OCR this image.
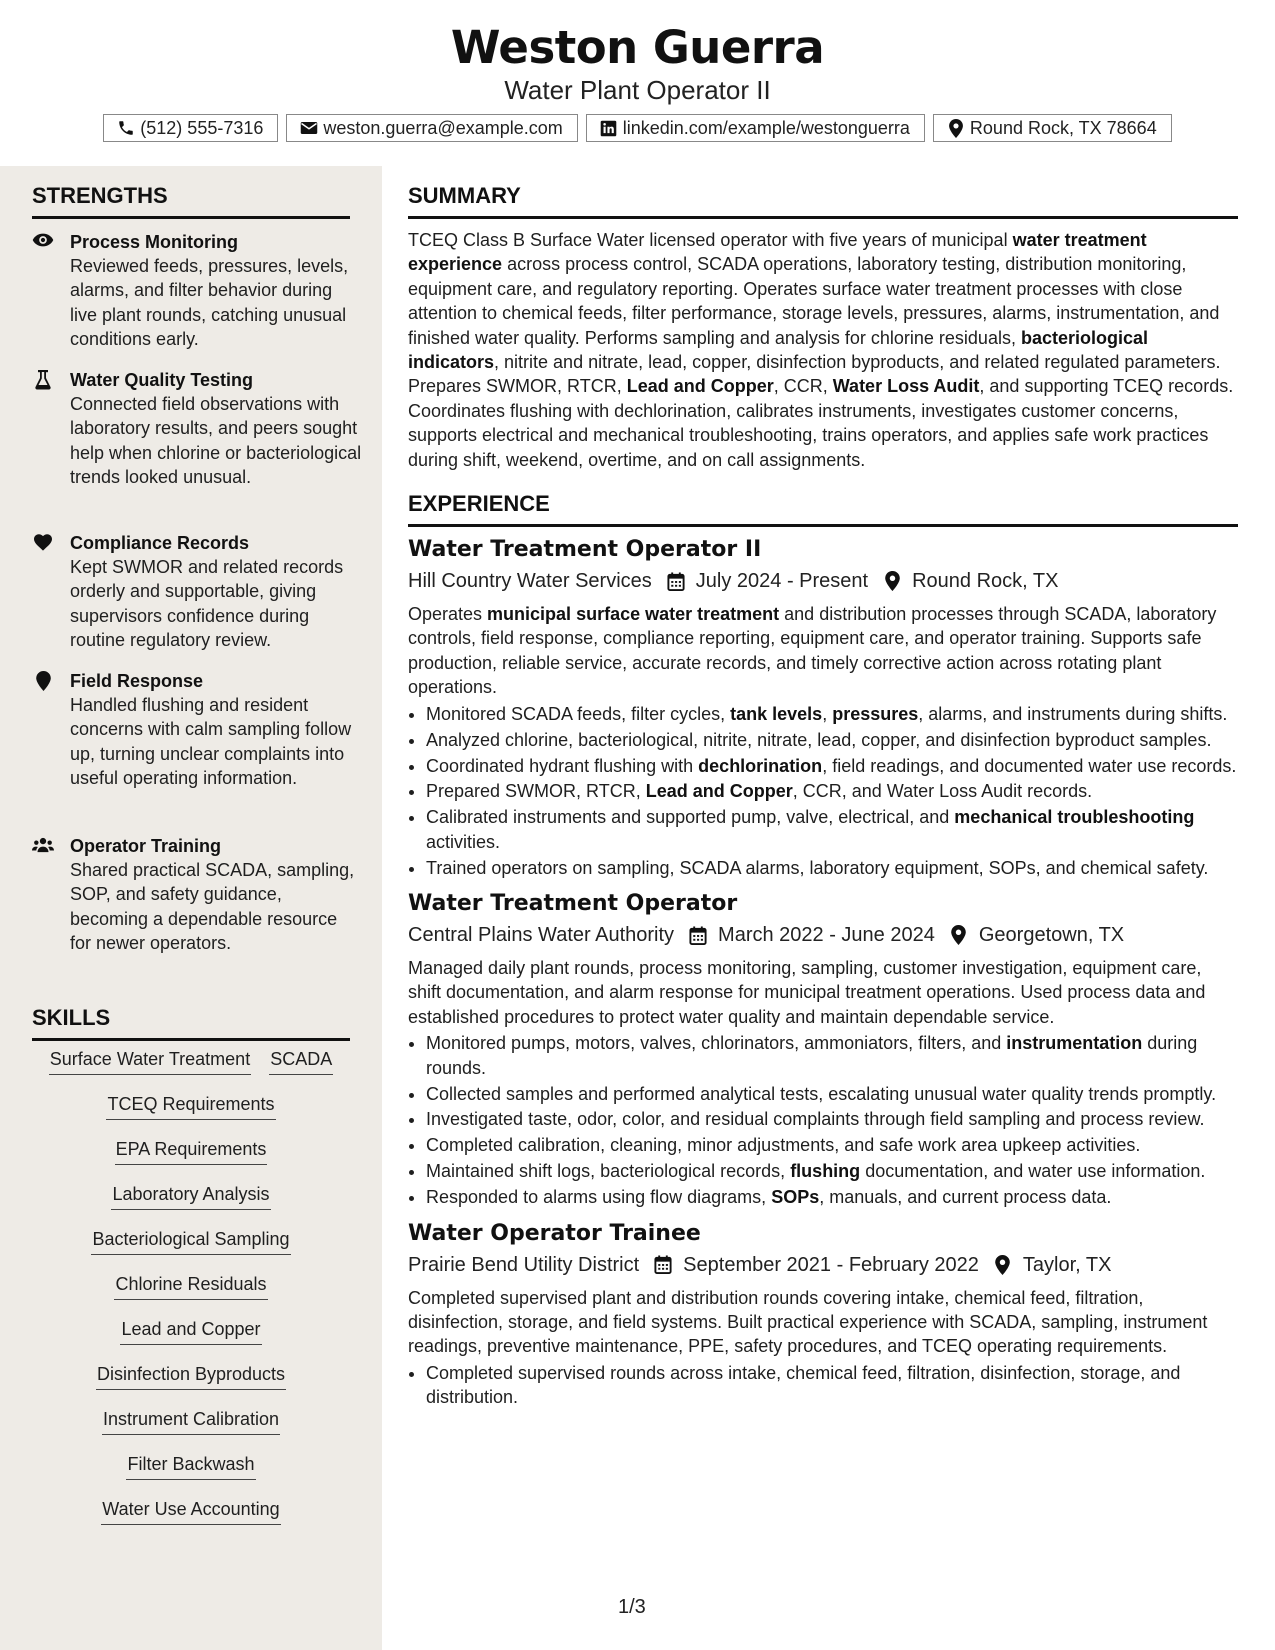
Weston Guerra
Water Plant Operator II
(512) 555-7316	weston.guerra@example.com	linkedin.com/example/westonguerra	Round Rock, TX 78664
STRENGTHS
Process Monitoring
Reviewed feeds, pressures, levels, alarms, and filter behavior during live plant rounds, catching unusual conditions early.
Water Quality Testing
Connected field observations with laboratory results, and peers sought help when chlorine or bacteriological trends looked unusual.
Compliance Records
Kept SWMOR and related records orderly and supportable, giving supervisors confidence during routine regulatory review.
Field Response
Handled flushing and resident concerns with calm sampling follow up, turning unclear complaints into useful operating information.
Operator Training
Shared practical SCADA, sampling, SOP, and safety guidance, becoming a dependable resource for newer operators.
SKILLS
Surface Water Treatment SCADA
TCEQ Requirements
EPA Requirements
Laboratory Analysis
Bacteriological Sampling
Chlorine Residuals
Lead and Copper
Disinfection Byproducts
Instrument Calibration
Filter Backwash
Water Use Accounting
SUMMARY
TCEQ Class B Surface Water licensed operator with five years of municipal water treatment experience across process control, SCADA operations, laboratory testing, distribution monitoring, equipment care, and regulatory reporting. Operates surface water treatment processes with close attention to chemical feeds, filter performance, storage levels, pressures, alarms, instrumentation, and finished water quality. Performs sampling and analysis for chlorine residuals, bacteriological indicators, nitrite and nitrate, lead, copper, disinfection byproducts, and related regulated parameters. Prepares SWMOR, RTCR, Lead and Copper, CCR, Water Loss Audit, and supporting TCEQ records. Coordinates flushing with dechlorination, calibrates instruments, investigates customer concerns, supports electrical and mechanical troubleshooting, trains operators, and applies safe work practices during shift, weekend, overtime, and on call assignments.
EXPERIENCE
Water Treatment Operator II
Hill Country Water Services July 2024 - Present Round Rock, TX
Operates municipal surface water treatment and distribution processes through SCADA, laboratory controls, field response, compliance reporting, equipment care, and operator training. Supports safe production, reliable service, accurate records, and timely corrective action across rotating plant operations.
• Monitored SCADA feeds, filter cycles, tank levels, pressures, alarms, and instruments during shifts.
• Analyzed chlorine, bacteriological, nitrite, nitrate, lead, copper, and disinfection byproduct samples.
• Coordinated hydrant flushing with dechlorination, field readings, and documented water use records.
• Prepared SWMOR, RTCR, Lead and Copper, CCR, and Water Loss Audit records.
• Calibrated instruments and supported pump, valve, electrical, and mechanical troubleshooting activities.
• Trained operators on sampling, SCADA alarms, laboratory equipment, SOPs, and chemical safety.
Water Treatment Operator
Central Plains Water Authority March 2022 - June 2024 Georgetown, TX
Managed daily plant rounds, process monitoring, sampling, customer investigation, equipment care, shift documentation, and alarm response for municipal treatment operations. Used process data and established procedures to protect water quality and maintain dependable service.
• Monitored pumps, motors, valves, chlorinators, ammoniators, filters, and instrumentation during rounds.
• Collected samples and performed analytical tests, escalating unusual water quality trends promptly.
• Investigated taste, odor, color, and residual complaints through field sampling and process review.
• Completed calibration, cleaning, minor adjustments, and safe work area upkeep activities.
• Maintained shift logs, bacteriological records, flushing documentation, and water use information.
• Responded to alarms using flow diagrams, SOPs, manuals, and current process data.
Water Operator Trainee
Prairie Bend Utility District September 2021 - February 2022 Taylor, TX
Completed supervised plant and distribution rounds covering intake, chemical feed, filtration, disinfection, storage, and field systems. Built practical experience with SCADA, sampling, instrument readings, preventive maintenance, PPE, safety procedures, and TCEQ operating requirements.
• Completed supervised rounds across intake, chemical feed, filtration, disinfection, storage, and distribution.
1/3
